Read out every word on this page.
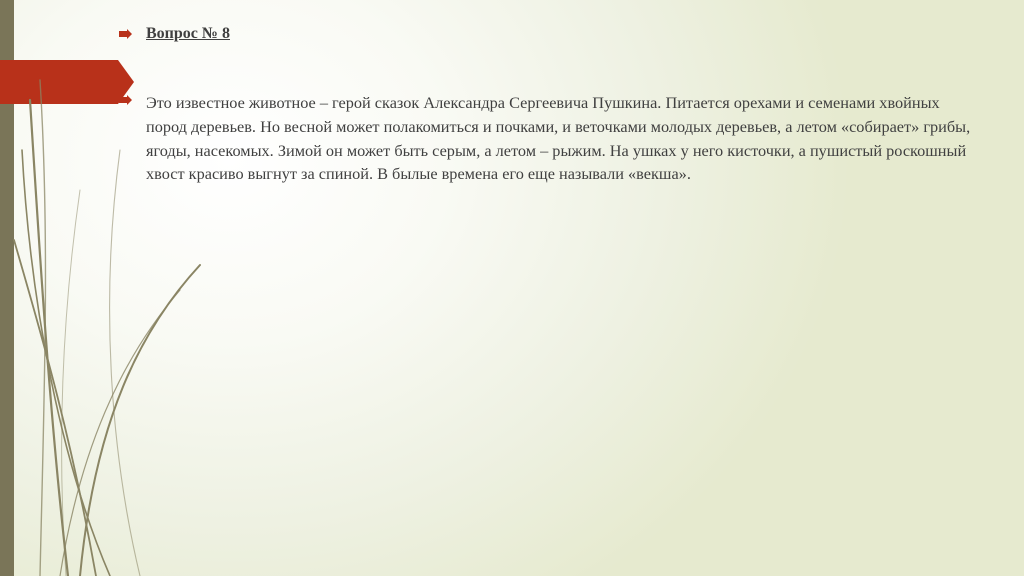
Вопрос № 8

Это известное животное – герой сказок Александра Сергеевича Пушкина. Питается орехами и семенами хвойных пород деревьев. Но весной может полакомиться и почками, и веточками молодых деревьев, а летом «собирает» грибы, ягоды, насекомых. Зимой он может быть серым, а летом – рыжим. На ушках у него кисточки, а пушистый роскошный хвост красиво выгнут за спиной. В былые времена его еще называли «векша».
